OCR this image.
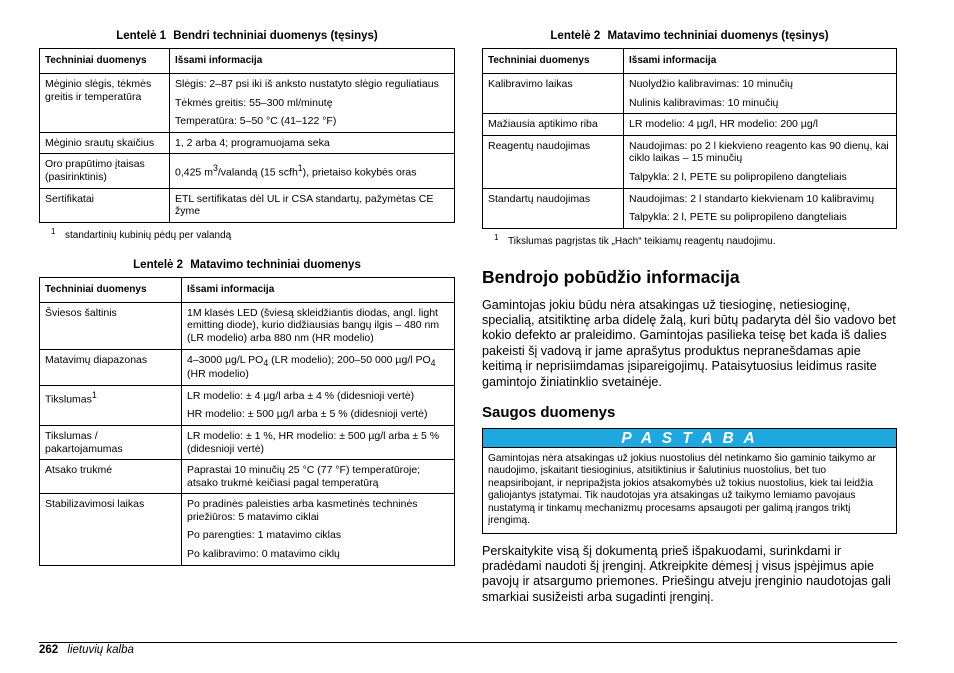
Lentelė 1 Bendri techniniai duomenys (tęsinys)
Techniniai duomenys	Išsami informacija
Mėginio slėgis, tėkmės greitis ir temperatūra	Slėgis: 2–87 psi iki iš anksto nustatyto slėgio reguliatiaus

Tėkmės greitis: 55–300 ml/minutę

Temperatūra: 5–50 °C (41–122 °F)

Mėginio srautų skaičius	1, 2 arba 4; programuojama seka
Oro prapūtimo įtaisas (pasirinktinis)	0,425 $m^3$/valandą (15 scfh$^1$), prietaiso kokybės oras
Sertifikatai	ETL sertifikatas dėl UL ir CSA standartų, pažymėtas CE žyme
1 standartinių kubinių pėdų per valandą
Lentelė 2 Matavimo techniniai duomenys
Techniniai duomenys	Išsami informacija
Šviesos šaltinis	1M klasės LED (šviesą skleidžiantis diodas, angl. light emitting diode), kurio didžiausias bangų ilgis – 480 nm (LR modelio) arba 880 nm (HR modelio)
Matavimų diapazonas	4–3000 µg/L $PO_4$ (LR modelio); 200–50 000 µg/l $PO_4$ (HR modelio)
Tikslumas$^1$	LR modelio: ± 4 µg/l arba ± 4 % (didesnioji vertė)

HR modelio: ± 500 µg/l arba ± 5 % (didesnioji vertė)

Tikslumas / pakartojamumas	LR modelio: ± 1 %, HR modelio: ± 500 µg/l arba ± 5 % (didesnioji vertė)
Atsako trukmė	Paprastai 10 minučių 25 °C (77 °F) temperatūroje; atsako trukmė keičiasi pagal temperatūrą
Stabilizavimosi laikas	Po pradinės paleisties arba kasmetinės techninės priežiūros: 5 matavimo ciklai

Po parengties: 1 matavimo ciklas

Po kalibravimo: 0 matavimo ciklų

Lentelė 2 Matavimo techniniai duomenys (tęsinys)
Techniniai duomenys	Išsami informacija
Kalibravimo laikas	Nuolydžio kalibravimas: 10 minučių

Nulinis kalibravimas: 10 minučių

Mažiausia aptikimo riba	LR modelio: 4 µg/l, HR modelio: 200 µg/l
Reagentų naudojimas	Naudojimas: po 2 l kiekvieno reagento kas 90 dienų, kai ciklo laikas – 15 minučių

Talpykla: 2 l, PETE su polipropileno dangteliais

Standartų naudojimas	Naudojimas: 2 l standarto kiekvienam 10 kalibravimų

Talpykla: 2 l, PETE su polipropileno dangteliais

1 Tikslumas pagrįstas tik „Hach“ teikiamų reagentų naudojimu.
Bendrojo pobūdžio informacija

Gamintojas jokiu būdu nėra atsakingas už tiesioginę, netiesioginę, specialią, atsitiktinę arba didelę žalą, kuri būtų padaryta dėl šio vadovo bet kokio defekto ar praleidimo. Gamintojas pasilieka teisę bet kada iš dalies pakeisti šį vadovą ir jame aprašytus produktus nepranešdamas apie keitimą ir neprisiimdamas įsipareigojimų. Pataisytuosius leidimus rasite gamintojo žiniatinklio svetainėje.

Saugos duomenys
P A S T A B A
Gamintojas nėra atsakingas už jokius nuostolius dėl netinkamo šio gaminio taikymo ar naudojimo, įskaitant tiesioginius, atsitiktinius ir šalutinius nuostolius, bet tuo neapsiribojant, ir nepripažįsta jokios atsakomybės už tokius nuostolius, kiek tai leidžia galiojantys įstatymai. Tik naudotojas yra atsakingas už taikymo lemiamo pavojaus nustatymą ir tinkamų mechanizmų procesams apsaugoti per galimą įrangos triktį įrengimą.

Perskaitykite visą šį dokumentą prieš išpakuodami, surinkdami ir pradėdami naudoti šį įrenginį. Atkreipkite dėmesį į visus įspėjimus apie pavojų ir atsargumo priemones. Priešingu atveju įrenginio naudotojas gali smarkiai susižeisti arba sugadinti įrenginį.

262 lietuvių kalba
